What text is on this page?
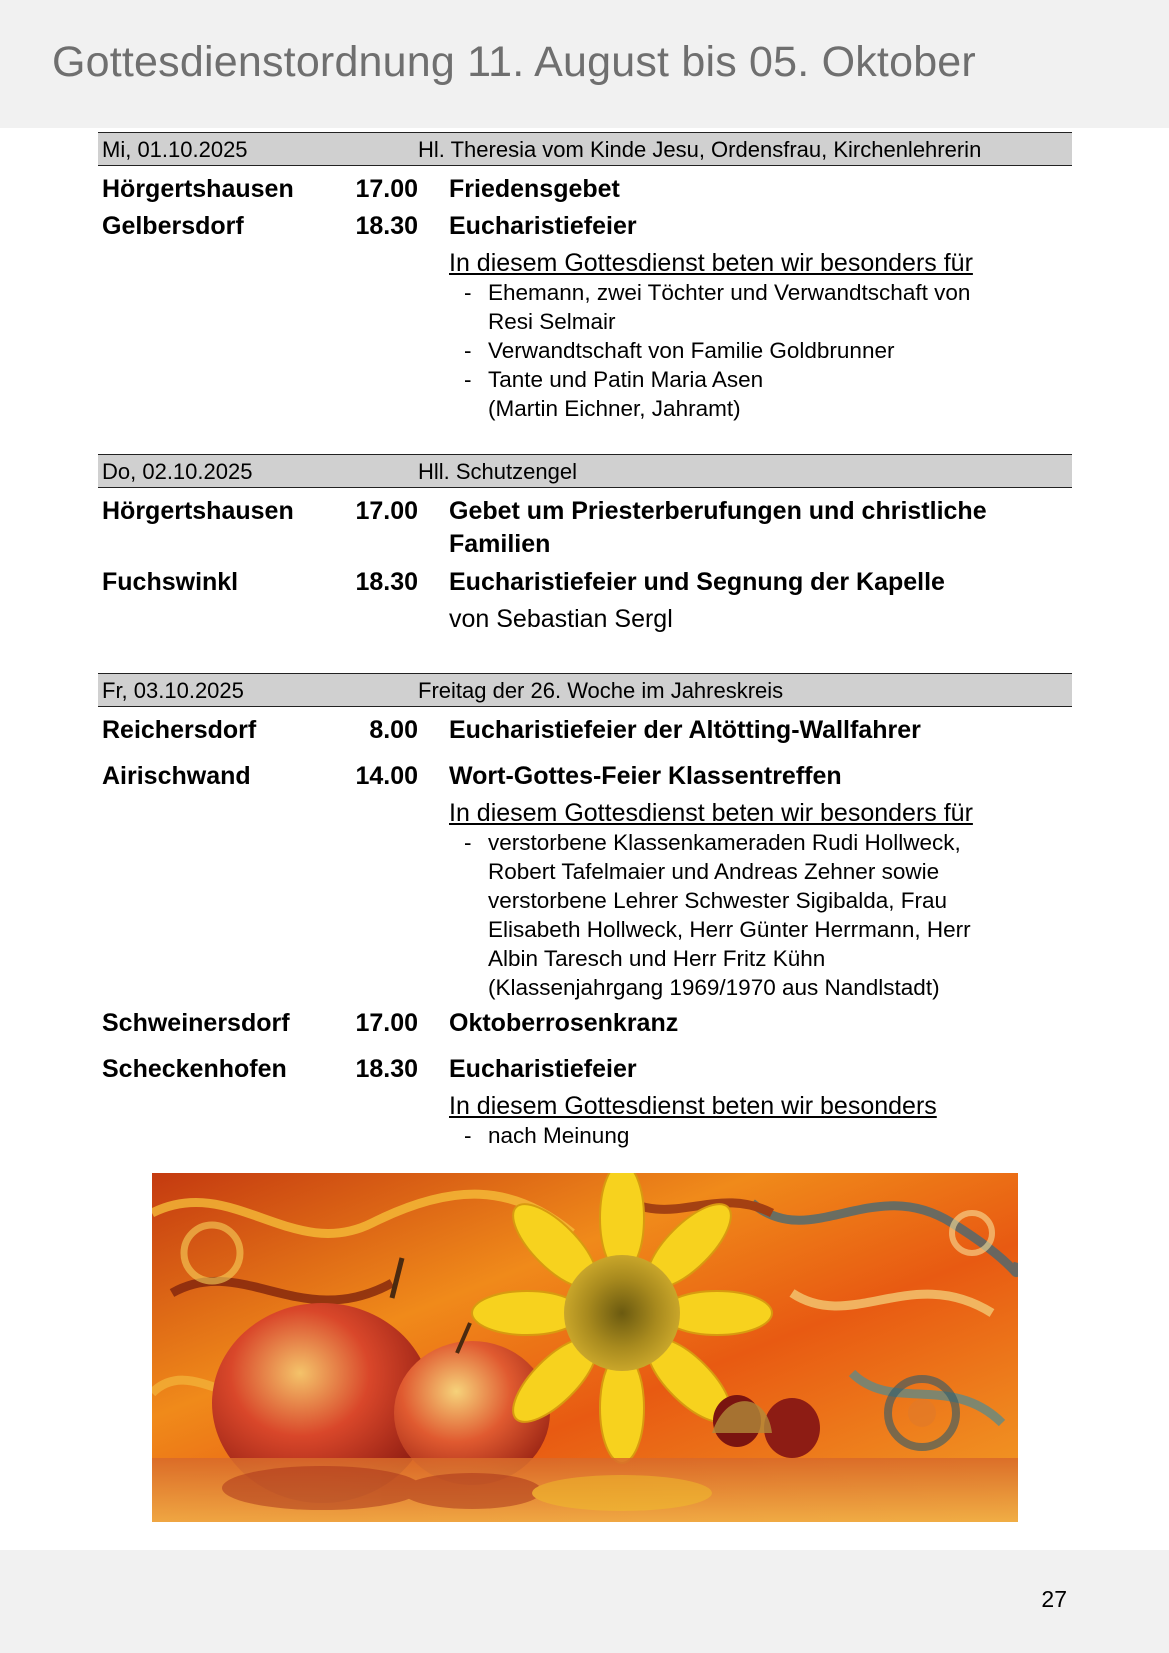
Gottesdienstordnung 11. August bis 05. Oktober
Mi, 01.10.2025	Hl. Theresia vom Kinde Jesu, Ordensfrau, Kirchenlehrerin
Hörgertshausen	17.00 Friedensgebet
Gelbersdorf	18.30 Eucharistiefeier
In diesem Gottesdienst beten wir besonders für
- Ehemann, zwei Töchter und Verwandtschaft von
Resi Selmair
- Verwandtschaft von Familie Goldbrunner
- Tante und Patin Maria Asen
(Martin Eichner, Jahramt)
Do, 02.10.2025	Hll. Schutzengel
Hörgertshausen	17.00 Gebet um Priesterberufungen und christliche
Familien
Fuchswinkl	18.30 Eucharistiefeier und Segnung der Kapelle
von Sebastian Sergl
Fr, 03.10.2025	Freitag der 26. Woche im Jahreskreis
Reichersdorf	8.00 Eucharistiefeier der Altötting-Wallfahrer
Airischwand	14.00 Wort-Gottes-Feier Klassentreffen
In diesem Gottesdienst beten wir besonders für
- verstorbene Klassenkameraden Rudi Hollweck,
Robert Tafelmaier und Andreas Zehner sowie
verstorbene Lehrer Schwester Sigibalda, Frau
Elisabeth Hollweck, Herr Günter Herrmann, Herr
Albin Taresch und Herr Fritz Kühn
(Klassenjahrgang 1969/1970 aus Nandlstadt)
Schweinersdorf	17.00 Oktoberrosenkranz
Scheckenhofen	18.30 Eucharistiefeier
In diesem Gottesdienst beten wir besonders
- nach Meinung
27
